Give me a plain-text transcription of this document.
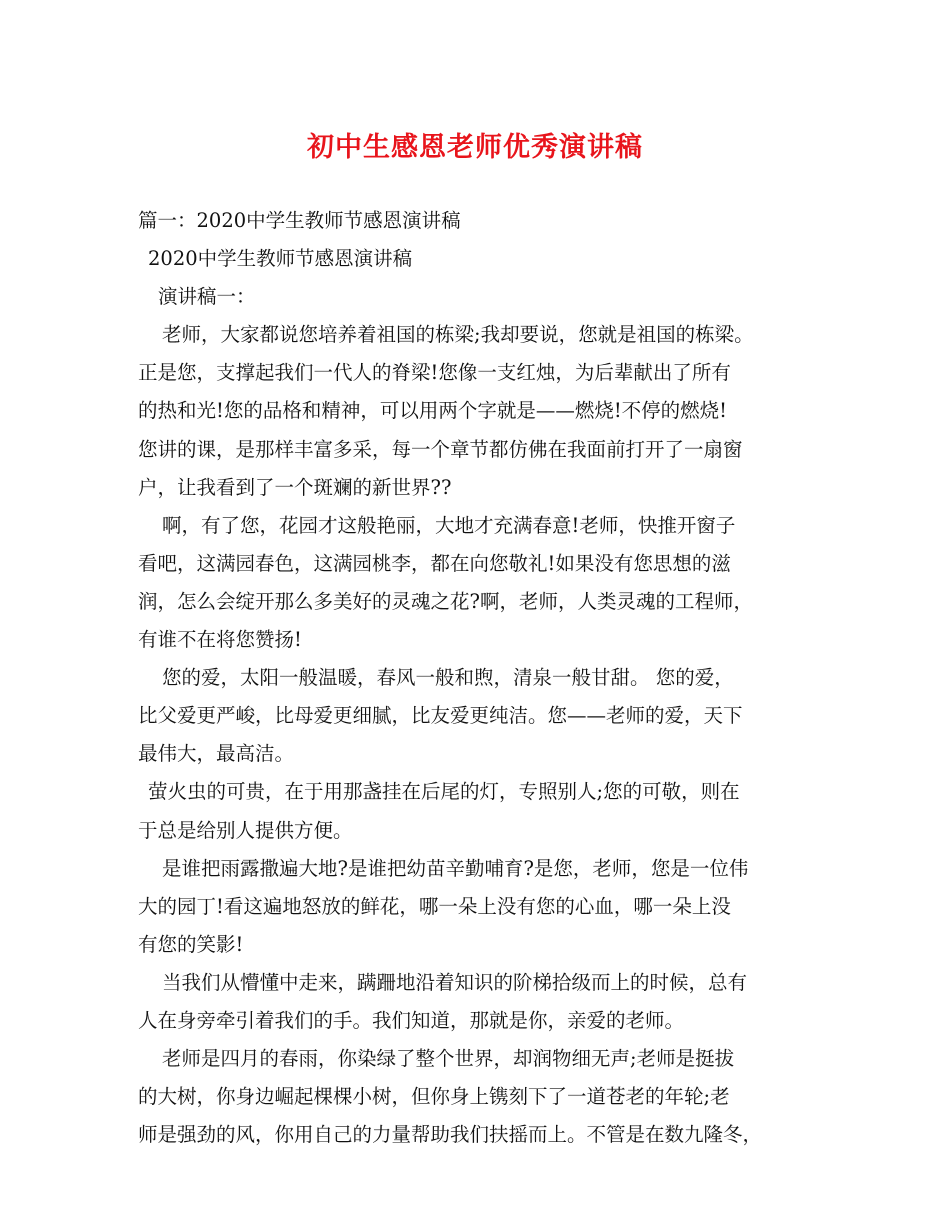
初中生感恩老师优秀演讲稿
篇一：2020中学生教师节感恩演讲稿
2020中学生教师节感恩演讲稿
演讲稿一：
老师，大家都说您培养着祖国的栋梁;我却要说，您就是祖国的栋梁。
正是您，支撑起我们一代人的脊梁!您像一支红烛，为后辈献出了所有
的热和光!您的品格和精神，可以用两个字就是——燃烧!不停的燃烧!
您讲的课，是那样丰富多采，每一个章节都仿佛在我面前打开了一扇窗
户，让我看到了一个斑斓的新世界??
啊，有了您，花园才这般艳丽，大地才充满春意!老师，快推开窗子
看吧，这满园春色，这满园桃李，都在向您敬礼!如果没有您思想的滋
润，怎么会绽开那么多美好的灵魂之花?啊，老师，人类灵魂的工程师，
有谁不在将您赞扬!
您的爱，太阳一般温暖，春风一般和煦，清泉一般甘甜。 您的爱，
比父爱更严峻，比母爱更细腻，比友爱更纯洁。您——老师的爱，天下
最伟大，最高洁。
萤火虫的可贵，在于用那盏挂在后尾的灯，专照别人;您的可敬，则在
于总是给别人提供方便。
是谁把雨露撒遍大地?是谁把幼苗辛勤哺育?是您，老师，您是一位伟
大的园丁!看这遍地怒放的鲜花，哪一朵上没有您的心血，哪一朵上没
有您的笑影!
当我们从懵懂中走来，蹒跚地沿着知识的阶梯拾级而上的时候，总有
人在身旁牵引着我们的手。我们知道，那就是你，亲爱的老师。
老师是四月的春雨，你染绿了整个世界，却润物细无声;老师是挺拔
的大树，你身边崛起棵棵小树，但你身上镌刻下了一道苍老的年轮;老
师是强劲的风，你用自己的力量帮助我们扶摇而上。不管是在数九隆冬，
